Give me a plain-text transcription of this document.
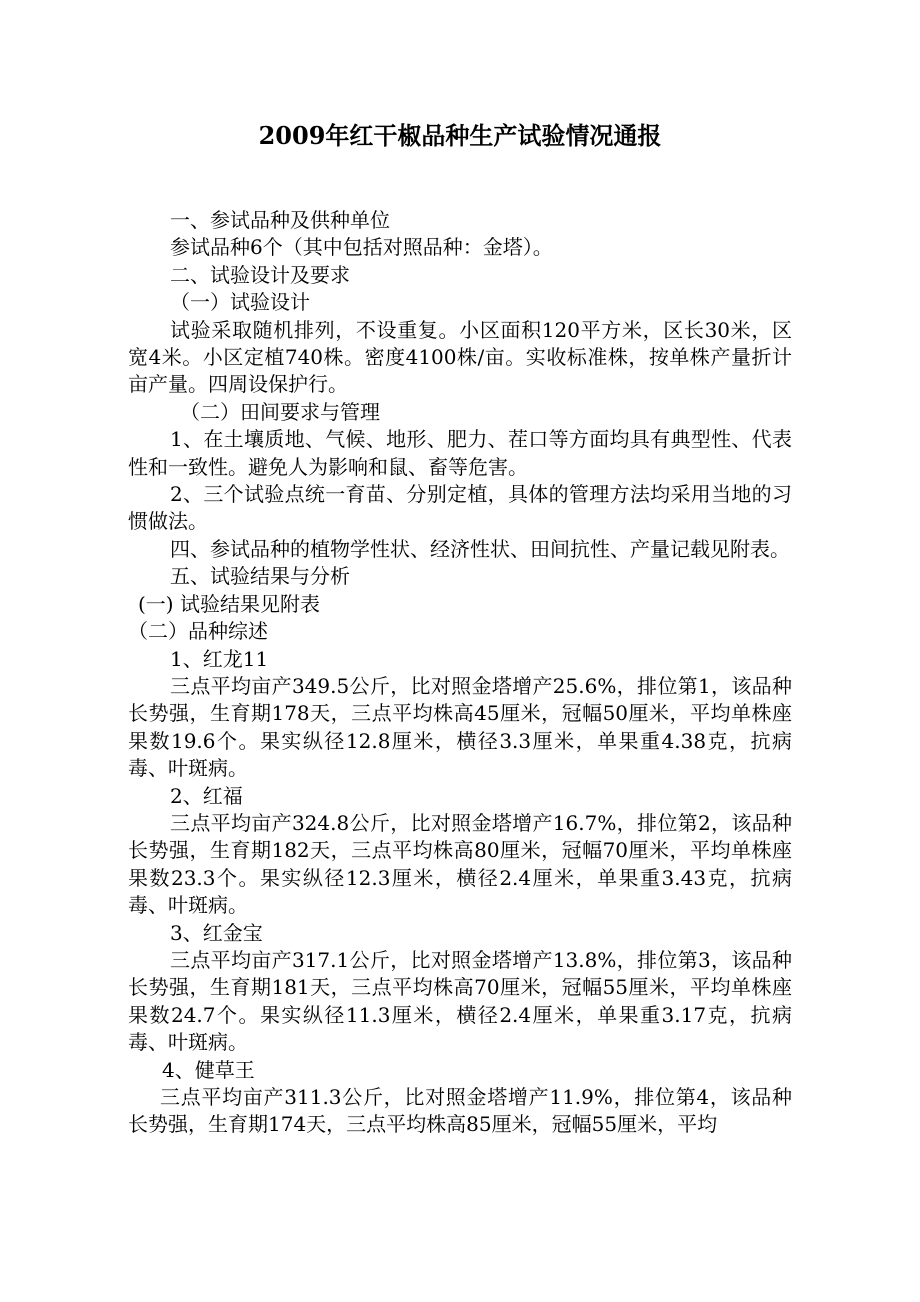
2009年红干椒品种生产试验情况通报

一、参试品种及供种单位

参试品种6个（其中包括对照品种：金塔）。

二、试验设计及要求

（一）试验设计

试验采取随机排列，不设重复。小区面积120平方米，区长30米，区宽4米。小区定植740株。密度4100株/亩。实收标准株，按单株产量折计亩产量。四周设保护行。

（二）田间要求与管理

1、在土壤质地、气候、地形、肥力、茬口等方面均具有典型性、代表性和一致性。避免人为影响和鼠、畜等危害。

2、三个试验点统一育苗、分别定植，具体的管理方法均采用当地的习惯做法。

四、参试品种的植物学性状、经济性状、田间抗性、产量记载见附表。

五、试验结果与分析

(一) 试验结果见附表

（二）品种综述

1、红龙11

三点平均亩产349.5公斤，比对照金塔增产25.6%，排位第1，该品种长势强，生育期178天，三点平均株高45厘米，冠幅50厘米，平均单株座果数19.6个。果实纵径12.8厘米，横径3.3厘米，单果重4.38克，抗病毒、叶斑病。

2、红福

三点平均亩产324.8公斤，比对照金塔增产16.7%，排位第2，该品种长势强，生育期182天，三点平均株高80厘米，冠幅70厘米，平均单株座果数23.3个。果实纵径12.3厘米，横径2.4厘米，单果重3.43克，抗病毒、叶斑病。

3、红金宝

三点平均亩产317.1公斤，比对照金塔增产13.8%，排位第3，该品种长势强，生育期181天，三点平均株高70厘米，冠幅55厘米，平均单株座果数24.7个。果实纵径11.3厘米，横径2.4厘米，单果重3.17克，抗病毒、叶斑病。

4、健草王

三点平均亩产311.3公斤，比对照金塔增产11.9%，排位第4，该品种长势强，生育期174天，三点平均株高85厘米，冠幅55厘米，平均
